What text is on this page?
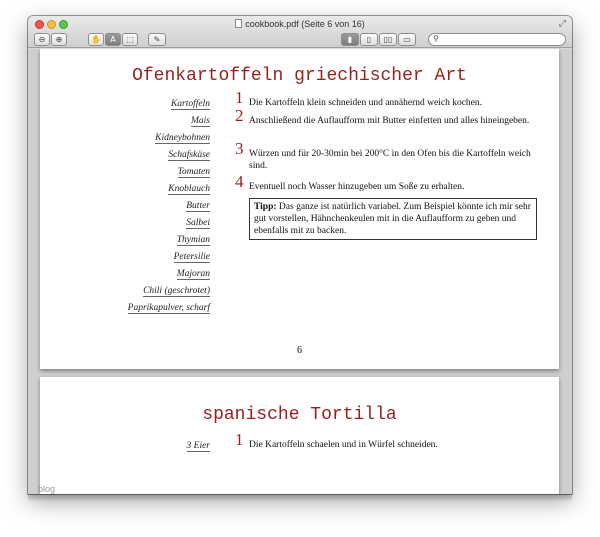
cookbook.pdf (Seite 6 von 16)	⤢
⊖	⊕	✋	A	⬚	✎	▮	▯	▯▯	▭	⚲
Ofenkartoffeln griechischer Art
Kartoffeln
Mais
Kidneybohnen
Schafskäse
Tomaten
Knoblauch
Butter
Salbei
Thymian
Petersilie
Majoran
Chili (geschrotet)
Paprikapulver, scharf
1 Die Kartoffeln klein schneiden und annähernd weich kochen.
2 Anschließend die Auflaufform mit Butter einfetten und alles hineingeben.
3 Würzen und für 20-30min bei 200°C in den Ofen bis die Kartoffeln weich sind.
4 Eventuell noch Wasser hinzugeben um Soße zu erhalten.
Tipp: Das ganze ist natürlich variabel. Zum Beispiel könnte ich mir sehr gut vorstellen, Hähnchenkeulen mit in die Auflaufform zu geben und ebenfalls mit zu backen.
6
spanische Tortilla
3 Eier 1 Die Kartoffeln schaelen und in Würfel schneiden.
blog
